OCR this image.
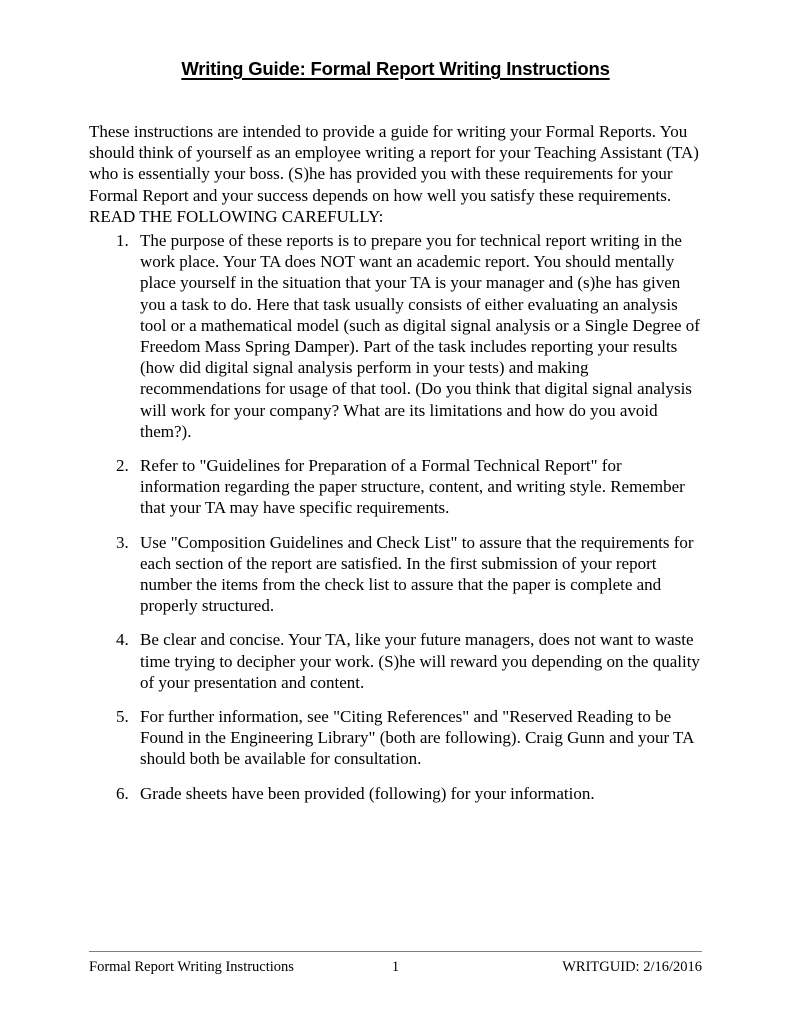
Writing Guide: Formal Report Writing Instructions

These instructions are intended to provide a guide for writing your Formal Reports. You should think of yourself as an employee writing a report for your Teaching Assistant (TA) who is essentially your boss. (S)he has provided you with these requirements for your Formal Report and your success depends on how well you satisfy these requirements. READ THE FOLLOWING CAREFULLY:

1. The purpose of these reports is to prepare you for technical report writing in the work place. Your TA does NOT want an academic report. You should mentally place yourself in the situation that your TA is your manager and (s)he has given you a task to do. Here that task usually consists of either evaluating an analysis tool or a mathematical model (such as digital signal analysis or a Single Degree of Freedom Mass Spring Damper). Part of the task includes reporting your results (how did digital signal analysis perform in your tests) and making recommendations for usage of that tool. (Do you think that digital signal analysis will work for your company? What are its limitations and how do you avoid them?).
2. Refer to "Guidelines for Preparation of a Formal Technical Report" for information regarding the paper structure, content, and writing style. Remember that your TA may have specific requirements.
3. Use "Composition Guidelines and Check List" to assure that the requirements for each section of the report are satisfied. In the first submission of your report number the items from the check list to assure that the paper is complete and properly structured.
4. Be clear and concise. Your TA, like your future managers, does not want to waste time trying to decipher your work. (S)he will reward you depending on the quality of your presentation and content.
5. For further information, see "Citing References" and "Reserved Reading to be Found in the Engineering Library" (both are following). Craig Gunn and your TA should both be available for consultation.
6. Grade sheets have been provided (following) for your information.
Formal Report Writing Instructions	1	WRITGUID: 2/16/2016
